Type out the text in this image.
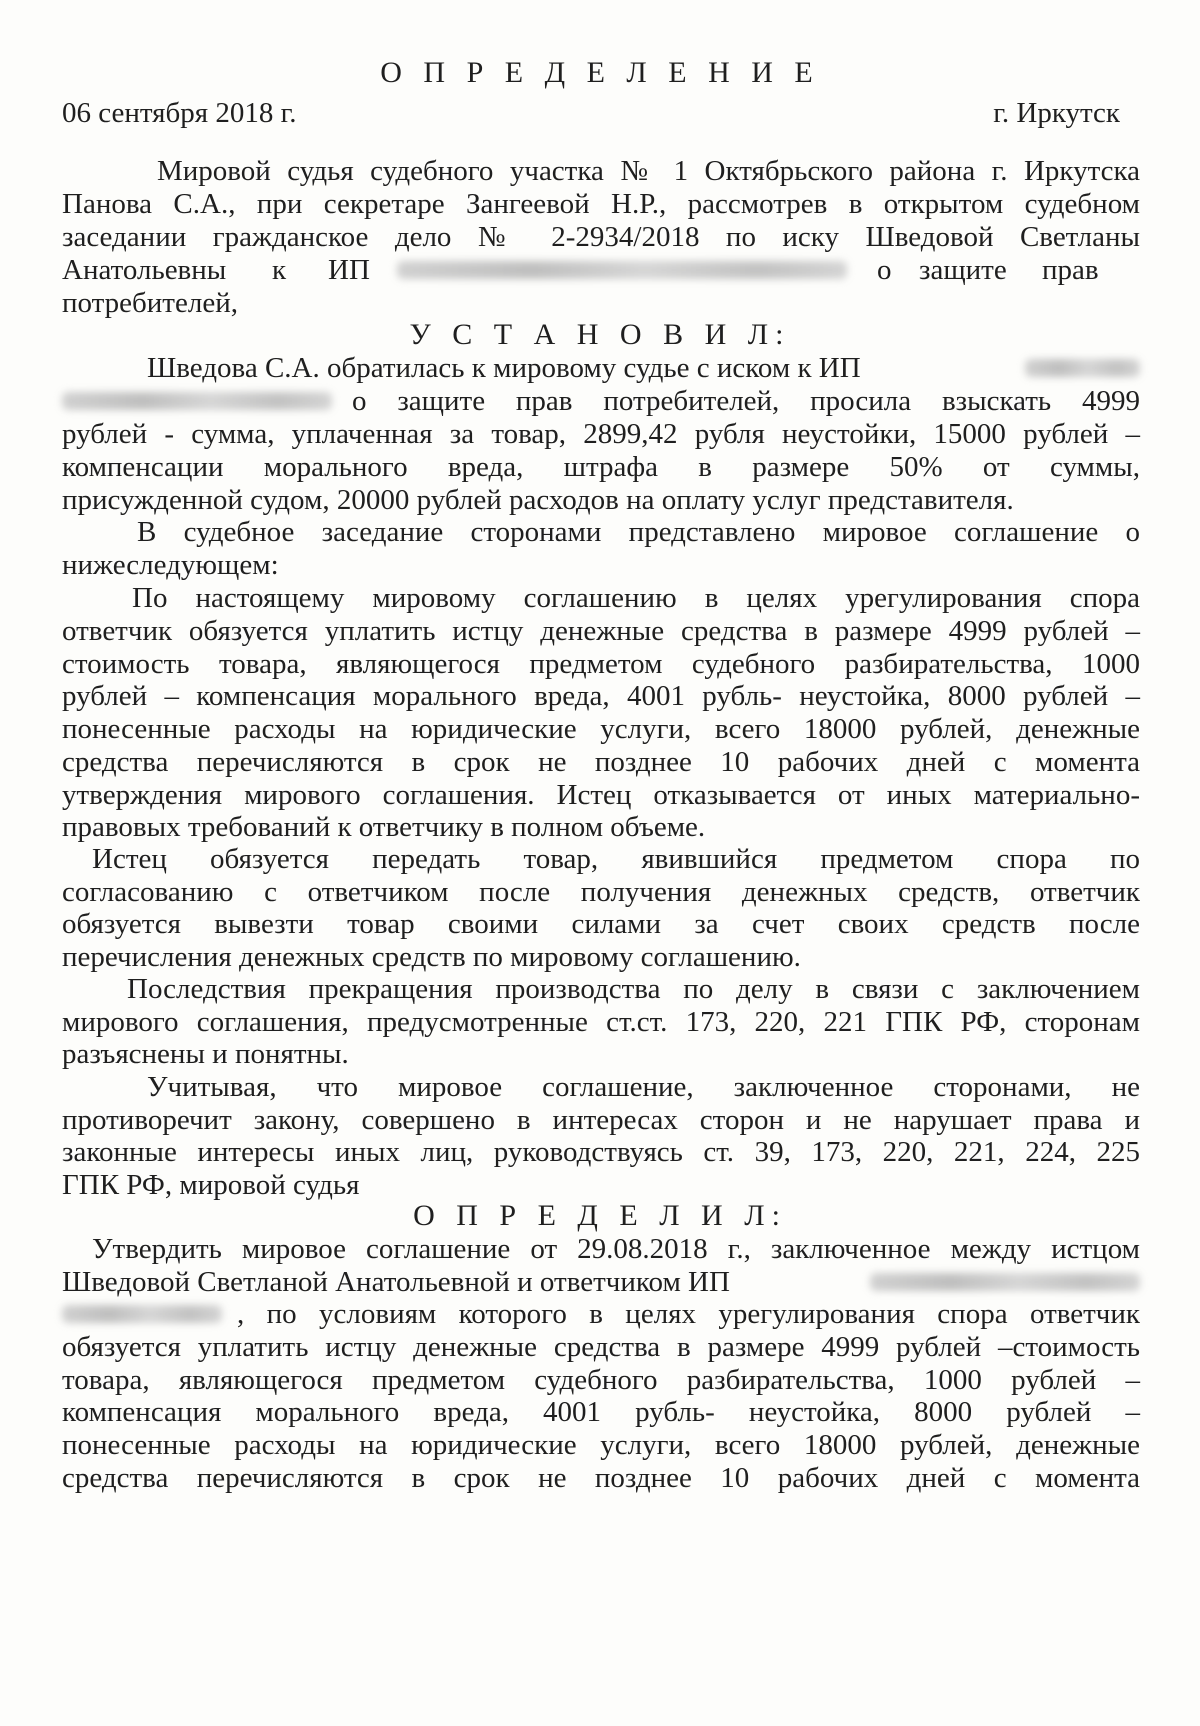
О П Р Е Д Е Л Е Н И Е
06 сентября 2018 г.	г. Иркутск
Мировой судья судебного участка № 1 Октябрьского района г. Иркутска
Панова С.А., при секретаре Зангеевой Н.Р., рассмотрев в открытом судебном
заседании гражданское дело № 2-2934/2018 по иску Шведовой Светланы
Анатольевны к ИП	о защите прав
потребителей,
У С Т А Н О В И Л:
Шведова С.А. обратилась к мировому судье с иском к ИП
о защите прав потребителей, просила взыскать 4999
рублей - сумма, уплаченная за товар, 2899,42 рубля неустойки, 15000 рублей –
компенсации морального вреда, штрафа в размере 50% от суммы,
присужденной судом, 20000 рублей расходов на оплату услуг представителя.
В судебное заседание сторонами представлено мировое соглашение о
нижеследующем:
По настоящему мировому соглашению в целях урегулирования спора
ответчик обязуется уплатить истцу денежные средства в размере 4999 рублей –
стоимость товара, являющегося предметом судебного разбирательства, 1000
рублей – компенсация морального вреда, 4001 рубль- неустойка, 8000 рублей –
понесенные расходы на юридические услуги, всего 18000 рублей, денежные
средства перечисляются в срок не позднее 10 рабочих дней с момента
утверждения мирового соглашения. Истец отказывается от иных материально-
правовых требований к ответчику в полном объеме.
Истец обязуется передать товар, явившийся предметом спора по
согласованию с ответчиком после получения денежных средств, ответчик
обязуется вывезти товар своими силами за счет своих средств после
перечисления денежных средств по мировому соглашению.
Последствия прекращения производства по делу в связи с заключением
мирового соглашения, предусмотренные ст.ст. 173, 220, 221 ГПК РФ, сторонам
разъяснены и понятны.
Учитывая, что мировое соглашение, заключенное сторонами, не
противоречит закону, совершено в интересах сторон и не нарушает права и
законные интересы иных лиц, руководствуясь ст. 39, 173, 220, 221, 224, 225
ГПК РФ, мировой судья
О П Р Е Д Е Л И Л:
Утвердить мировое соглашение от 29.08.2018 г., заключенное между истцом
Шведовой Светланой Анатольевной и ответчиком ИП
, по условиям которого в целях урегулирования спора ответчик
обязуется уплатить истцу денежные средства в размере 4999 рублей –стоимость
товара, являющегося предметом судебного разбирательства, 1000 рублей –
компенсация морального вреда, 4001 рубль- неустойка, 8000 рублей –
понесенные расходы на юридические услуги, всего 18000 рублей, денежные
средства перечисляются в срок не позднее 10 рабочих дней с момента
